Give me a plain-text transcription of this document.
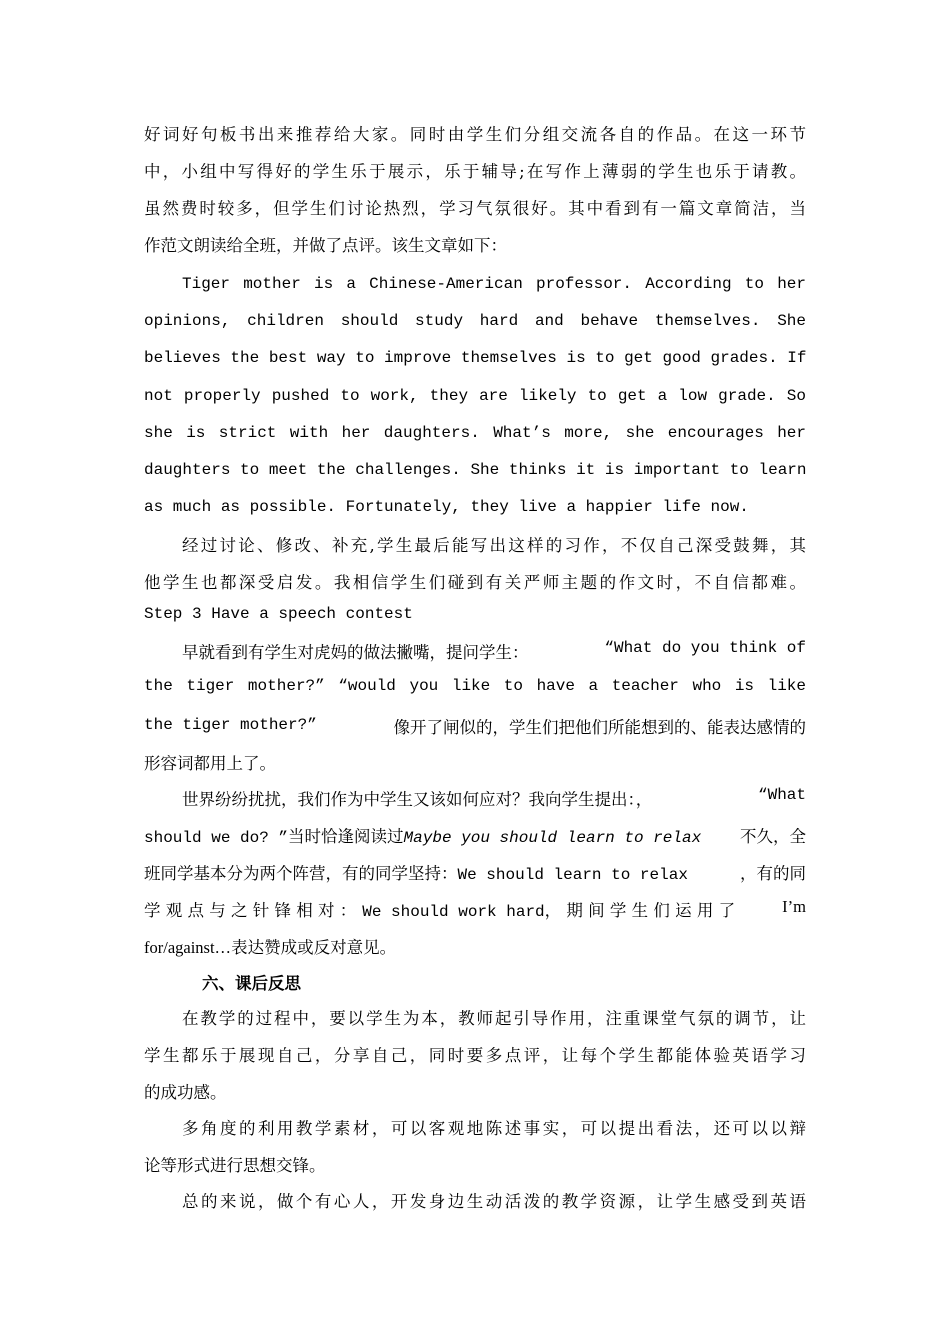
好词好句板书出来推荐给大家。同时由学生们分组交流各自的作品。在这一环节
中，小组中写得好的学生乐于展示，乐于辅导;在写作上薄弱的学生也乐于请教。
虽然费时较多，但学生们讨论热烈，学习气氛很好。其中看到有一篇文章简洁，当
作范文朗读给全班，并做了点评。该生文章如下：
Tiger mother is a Chinese-American professor. According to her
opinions, children should study hard and behave themselves. She
believes the best way to improve themselves is to get good grades. If
not properly pushed to work, they are likely to get a low grade. So
she is strict with her daughters. What’s more, she encourages her
daughters to meet the challenges. She thinks it is important to learn
as much as possible. Fortunately, they live a happier life now.
经过讨论、修改、补充,学生最后能写出这样的习作，不仅自己深受鼓舞，其
他学生也都深受启发。我相信学生们碰到有关严师主题的作文时，不自信都难。
Step 3 Have a speech contest
早就看到有学生对虎妈的做法撇嘴，提问学生：	“What do you think of
the tiger mother?” “would you like to have a teacher who is like
the tiger mother?”	像开了闸似的，学生们把他们所能想到的、能表达感情的
形容词都用上了。
世界纷纷扰扰，我们作为中学生又该如何应对？我向学生提出：，	“What
should we do? ”当时恰逢阅读过Maybe you should learn to relax 不久，全
班同学基本分为两个阵营，有的同学坚持：We should learn to relax	，有的同
学 观 点 与 之 针 锋 相 对 ： We should work hard， 期 间 学 生 们 运 用 了	I’m
for/against…表达赞成或反对意见。
六、课后反思
在教学的过程中，要以学生为本，教师起引导作用，注重课堂气氛的调节，让
学生都乐于展现自己，分享自己，同时要多点评，让每个学生都能体验英语学习
的成功感。
多角度的利用教学素材，可以客观地陈述事实，可以提出看法，还可以以辩
论等形式进行思想交锋。
总的来说，做个有心人，开发身边生动活泼的教学资源，让学生感受到英语
